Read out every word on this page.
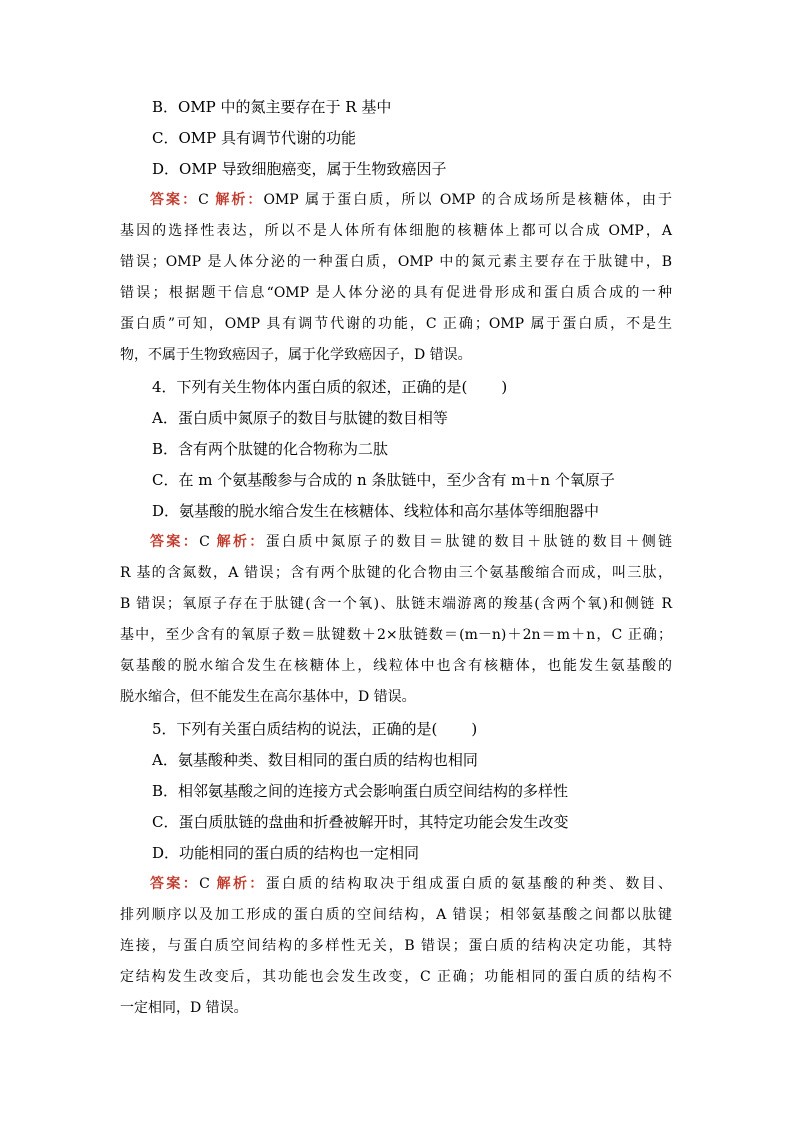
B．OMP 中的氮主要存在于 R 基中
C．OMP 具有调节代谢的功能
D．OMP 导致细胞癌变，属于生物致癌因子
答案：C 解析：OMP 属于蛋白质，所以 OMP 的合成场所是核糖体，由于
基因的选择性表达，所以不是人体所有体细胞的核糖体上都可以合成 OMP，A
错误；OMP 是人体分泌的一种蛋白质，OMP 中的氮元素主要存在于肽键中，B
错误；根据题干信息“OMP 是人体分泌的具有促进骨形成和蛋白质合成的一种
蛋白质”可知，OMP 具有调节代谢的功能，C 正确；OMP 属于蛋白质，不是生
物，不属于生物致癌因子，属于化学致癌因子，D 错误。
4．下列有关生物体内蛋白质的叙述，正确的是( )
A．蛋白质中氮原子的数目与肽键的数目相等
B．含有两个肽键的化合物称为二肽
C．在 m 个氨基酸参与合成的 n 条肽链中，至少含有 m＋n 个氧原子
D．氨基酸的脱水缩合发生在核糖体、线粒体和高尔基体等细胞器中
答案：C 解析：蛋白质中氮原子的数目＝肽键的数目＋肽链的数目＋侧链
R 基的含氮数，A 错误；含有两个肽键的化合物由三个氨基酸缩合而成，叫三肽，
B 错误；氧原子存在于肽键(含一个氧)、肽链末端游离的羧基(含两个氧)和侧链 R
基中，至少含有的氧原子数＝肽键数＋2×肽链数＝(m－n)＋2n＝m＋n，C 正确；
氨基酸的脱水缩合发生在核糖体上，线粒体中也含有核糖体，也能发生氨基酸的
脱水缩合，但不能发生在高尔基体中，D 错误。
5．下列有关蛋白质结构的说法，正确的是( )
A．氨基酸种类、数目相同的蛋白质的结构也相同
B．相邻氨基酸之间的连接方式会影响蛋白质空间结构的多样性
C．蛋白质肽链的盘曲和折叠被解开时，其特定功能会发生改变
D．功能相同的蛋白质的结构也一定相同
答案：C 解析：蛋白质的结构取决于组成蛋白质的氨基酸的种类、数目、
排列顺序以及加工形成的蛋白质的空间结构，A 错误；相邻氨基酸之间都以肽键
连接，与蛋白质空间结构的多样性无关，B 错误；蛋白质的结构决定功能，其特
定结构发生改变后，其功能也会发生改变，C 正确；功能相同的蛋白质的结构不
一定相同，D 错误。
